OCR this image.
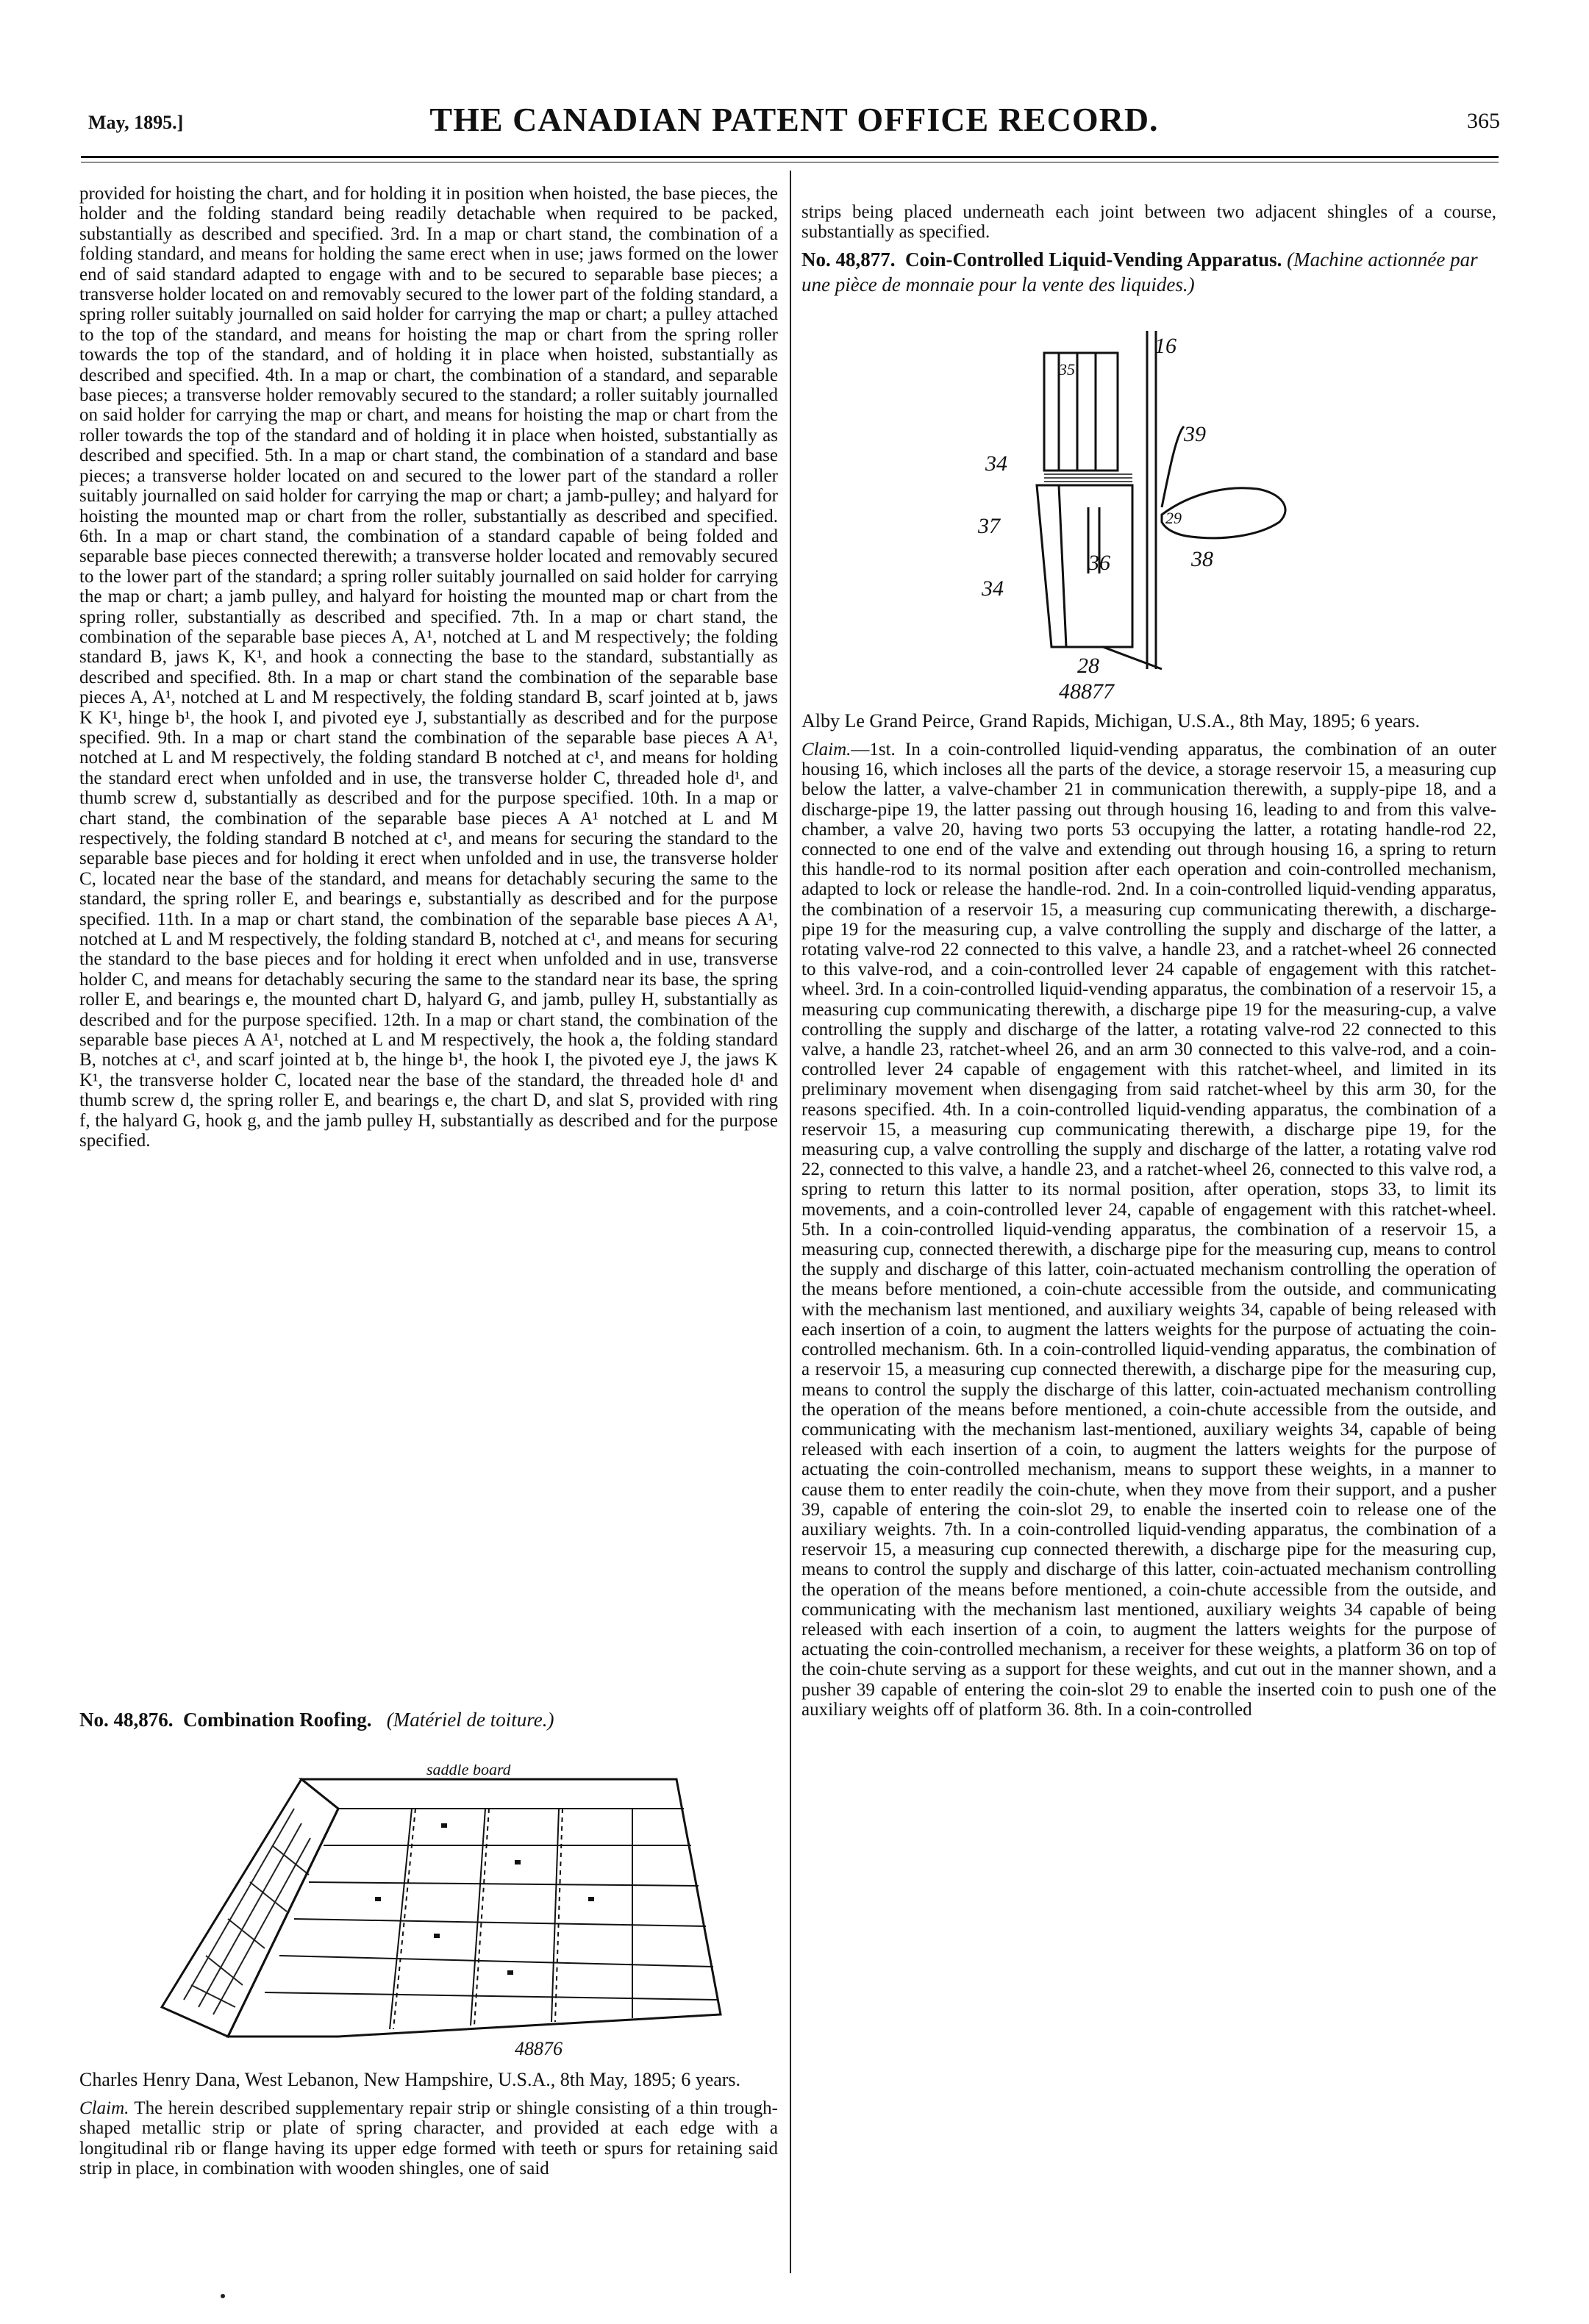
May, 1895.]	THE CANADIAN PATENT OFFICE RECORD.	365

provided for hoisting the chart, and for holding it in position when hoisted, the base pieces, the holder and the folding standard being readily detachable when required to be packed, substantially as described and specified. 3rd. In a map or chart stand, the combination of a folding standard, and means for holding the same erect when in use; jaws formed on the lower end of said standard adapted to engage with and to be secured to separable base pieces; a transverse holder located on and removably secured to the lower part of the folding standard, a spring roller suitably journalled on said holder for carrying the map or chart; a pulley attached to the top of the standard, and means for hoisting the map or chart from the spring roller towards the top of the standard, and of holding it in place when hoisted, substantially as described and specified. 4th. In a map or chart, the combination of a standard, and separable base pieces; a transverse holder removably secured to the standard; a roller suitably journalled on said holder for carrying the map or chart, and means for hoisting the map or chart from the roller towards the top of the standard and of holding it in place when hoisted, substantially as described and specified. 5th. In a map or chart stand, the combination of a standard and base pieces; a transverse holder located on and secured to the lower part of the standard a roller suitably journalled on said holder for carrying the map or chart; a jamb-pulley; and halyard for hoisting the mounted map or chart from the roller, substantially as described and specified. 6th. In a map or chart stand, the combination of a standard capable of being folded and separable base pieces connected therewith; a transverse holder located and removably secured to the lower part of the standard; a spring roller suitably journalled on said holder for carrying the map or chart; a jamb pulley, and halyard for hoisting the mounted map or chart from the spring roller, substantially as described and specified. 7th. In a map or chart stand, the combination of the separable base pieces A, A¹, notched at L and M respectively; the folding standard B, jaws K, K¹, and hook a connecting the base to the standard, substantially as described and specified. 8th. In a map or chart stand the combination of the separable base pieces A, A¹, notched at L and M respectively, the folding standard B, scarf jointed at b, jaws K K¹, hinge b¹, the hook I, and pivoted eye J, substantially as described and for the purpose specified. 9th. In a map or chart stand the combination of the separable base pieces A A¹, notched at L and M respectively, the folding standard B notched at c¹, and means for holding the standard erect when unfolded and in use, the transverse holder C, threaded hole d¹, and thumb screw d, substantially as described and for the purpose specified. 10th. In a map or chart stand, the combination of the separable base pieces A A¹ notched at L and M respectively, the folding standard B notched at c¹, and means for securing the standard to the separable base pieces and for holding it erect when unfolded and in use, the transverse holder C, located near the base of the standard, and means for detachably securing the same to the standard, the spring roller E, and bearings e, substantially as described and for the purpose specified. 11th. In a map or chart stand, the combination of the separable base pieces A A¹, notched at L and M respectively, the folding standard B, notched at c¹, and means for securing the standard to the base pieces and for holding it erect when unfolded and in use, transverse holder C, and means for detachably securing the same to the standard near its base, the spring roller E, and bearings e, the mounted chart D, halyard G, and jamb, pulley H, substantially as described and for the purpose specified. 12th. In a map or chart stand, the combination of the separable base pieces A A¹, notched at L and M respectively, the hook a, the folding standard B, notches at c¹, and scarf jointed at b, the hinge b¹, the hook I, the pivoted eye J, the jaws K K¹, the transverse holder C, located near the base of the standard, the threaded hole d¹ and thumb screw d, the spring roller E, and bearings e, the chart D, and slat S, provided with ring f, the halyard G, hook g, and the jamb pulley H, substantially as described and for the purpose specified.

No. 48,876. Combination Roofing. (Matériel de toiture.)

saddle board
48876

Charles Henry Dana, West Lebanon, New Hampshire, U.S.A., 8th May, 1895; 6 years.

Claim. The herein described supplementary repair strip or shingle consisting of a thin trough-shaped metallic strip or plate of spring character, and provided at each edge with a longitudinal rib or flange having its upper edge formed with teeth or spurs for retaining said strip in place, in combination with wooden shingles, one of said

strips being placed underneath each joint between two adjacent shingles of a course, substantially as specified.

No. 48,877. Coin-Controlled Liquid-Vending Apparatus. (Machine actionnée par une pièce de monnaie pour la vente des liquides.)

16
35
39
34
37	29
38
36
34
28
48877

Alby Le Grand Peirce, Grand Rapids, Michigan, U.S.A., 8th May, 1895; 6 years.

Claim.—1st. In a coin-controlled liquid-vending apparatus, the combination of an outer housing 16, which incloses all the parts of the device, a storage reservoir 15, a measuring cup below the latter, a valve-chamber 21 in communication therewith, a supply-pipe 18, and a discharge-pipe 19, the latter passing out through housing 16, leading to and from this valve-chamber, a valve 20, having two ports 53 occupying the latter, a rotating handle-rod 22, connected to one end of the valve and extending out through housing 16, a spring to return this handle-rod to its normal position after each operation and coin-controlled mechanism, adapted to lock or release the handle-rod. 2nd. In a coin-controlled liquid-vending apparatus, the combination of a reservoir 15, a measuring cup communicating therewith, a discharge-pipe 19 for the measuring cup, a valve controlling the supply and discharge of the latter, a rotating valve-rod 22 connected to this valve, a handle 23, and a ratchet-wheel 26 connected to this valve-rod, and a coin-controlled lever 24 capable of engagement with this ratchet-wheel. 3rd. In a coin-controlled liquid-vending apparatus, the combination of a reservoir 15, a measuring cup communicating therewith, a discharge pipe 19 for the measuring-cup, a valve controlling the supply and discharge of the latter, a rotating valve-rod 22 connected to this valve, a handle 23, ratchet-wheel 26, and an arm 30 connected to this valve-rod, and a coin-controlled lever 24 capable of engagement with this ratchet-wheel, and limited in its preliminary movement when disengaging from said ratchet-wheel by this arm 30, for the reasons specified. 4th. In a coin-controlled liquid-vending apparatus, the combination of a reservoir 15, a measuring cup communicating therewith, a discharge pipe 19, for the measuring cup, a valve controlling the supply and discharge of the latter, a rotating valve rod 22, connected to this valve, a handle 23, and a ratchet-wheel 26, connected to this valve rod, a spring to return this latter to its normal position, after operation, stops 33, to limit its movements, and a coin-controlled lever 24, capable of engagement with this ratchet-wheel. 5th. In a coin-controlled liquid-vending apparatus, the combination of a reservoir 15, a measuring cup, connected therewith, a discharge pipe for the measuring cup, means to control the supply and discharge of this latter, coin-actuated mechanism controlling the operation of the means before mentioned, a coin-chute accessible from the outside, and communicating with the mechanism last mentioned, and auxiliary weights 34, capable of being released with each insertion of a coin, to augment the latters weights for the purpose of actuating the coin-controlled mechanism. 6th. In a coin-controlled liquid-vending apparatus, the combination of a reservoir 15, a measuring cup connected therewith, a discharge pipe for the measuring cup, means to control the supply the discharge of this latter, coin-actuated mechanism controlling the operation of the means before mentioned, a coin-chute accessible from the outside, and communicating with the mechanism last-mentioned, auxiliary weights 34, capable of being released with each insertion of a coin, to augment the latters weights for the purpose of actuating the coin-controlled mechanism, means to support these weights, in a manner to cause them to enter readily the coin-chute, when they move from their support, and a pusher 39, capable of entering the coin-slot 29, to enable the inserted coin to release one of the auxiliary weights. 7th. In a coin-controlled liquid-vending apparatus, the combination of a reservoir 15, a measuring cup connected therewith, a discharge pipe for the measuring cup, means to control the supply and discharge of this latter, coin-actuated mechanism controlling the operation of the means before mentioned, a coin-chute accessible from the outside, and communicating with the mechanism last mentioned, auxiliary weights 34 capable of being released with each insertion of a coin, to augment the latters weights for the purpose of actuating the coin-controlled mechanism, a receiver for these weights, a platform 36 on top of the coin-chute serving as a support for these weights, and cut out in the manner shown, and a pusher 39 capable of entering the coin-slot 29 to enable the inserted coin to push one of the auxiliary weights off of platform 36. 8th. In a coin-controlled
